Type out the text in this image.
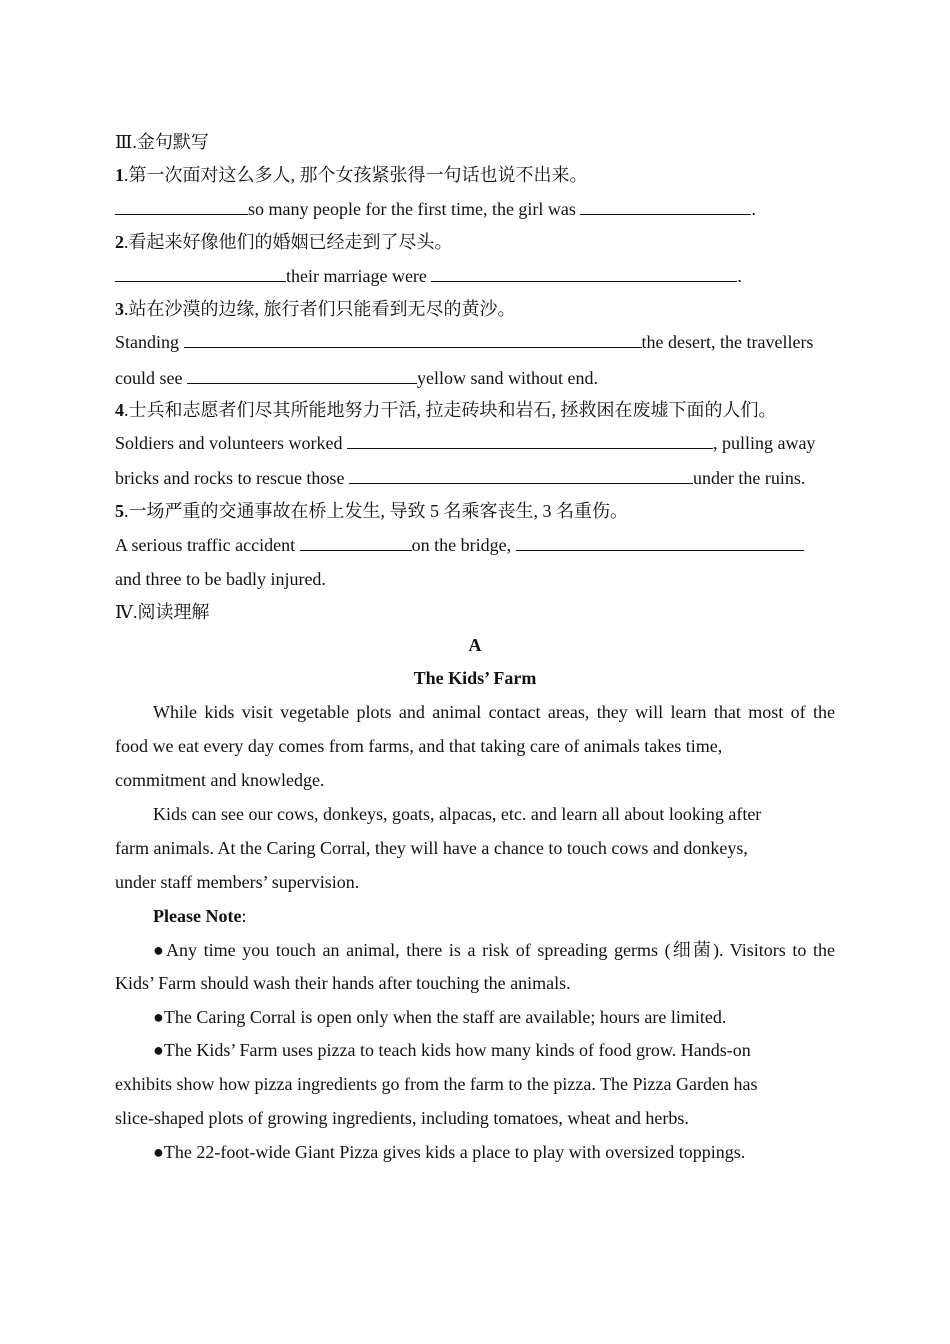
Ⅲ.金句默写
1.第一次面对这么多人, 那个女孩紧张得一句话也说不出来。
so many people for the first time, the girl was	.
2.看起来好像他们的婚姻已经走到了尽头。
their marriage were	.
3.站在沙漠的边缘, 旅行者们只能看到无尽的黄沙。
Standing	the desert, the travellers
could see	yellow sand without end.
4.士兵和志愿者们尽其所能地努力干活, 拉走砖块和岩石, 拯救困在废墟下面的人们。
Soldiers and volunteers worked	, pulling away
bricks and rocks to rescue those	under the ruins.
5.一场严重的交通事故在桥上发生, 导致 5 名乘客丧生, 3 名重伤。
A serious traffic accident	on the bridge,
and three to be badly injured.
Ⅳ.阅读理解
A
The Kids’ Farm
While kids visit vegetable plots and animal contact areas, they will learn that most of the
food we eat every day comes from farms, and that taking care of animals takes time,
commitment and knowledge.
Kids can see our cows, donkeys, goats, alpacas, etc. and learn all about looking after
farm animals. At the Caring Corral, they will have a chance to touch cows and donkeys,
under staff members’ supervision.
Please Note:
●Any time you touch an animal, there is a risk of spreading germs (细菌). Visitors to the
Kids’ Farm should wash their hands after touching the animals.
●The Caring Corral is open only when the staff are available; hours are limited.
●The Kids’ Farm uses pizza to teach kids how many kinds of food grow. Hands-on
exhibits show how pizza ingredients go from the farm to the pizza. The Pizza Garden has
slice-shaped plots of growing ingredients, including tomatoes, wheat and herbs.
●The 22-foot-wide Giant Pizza gives kids a place to play with oversized toppings.
